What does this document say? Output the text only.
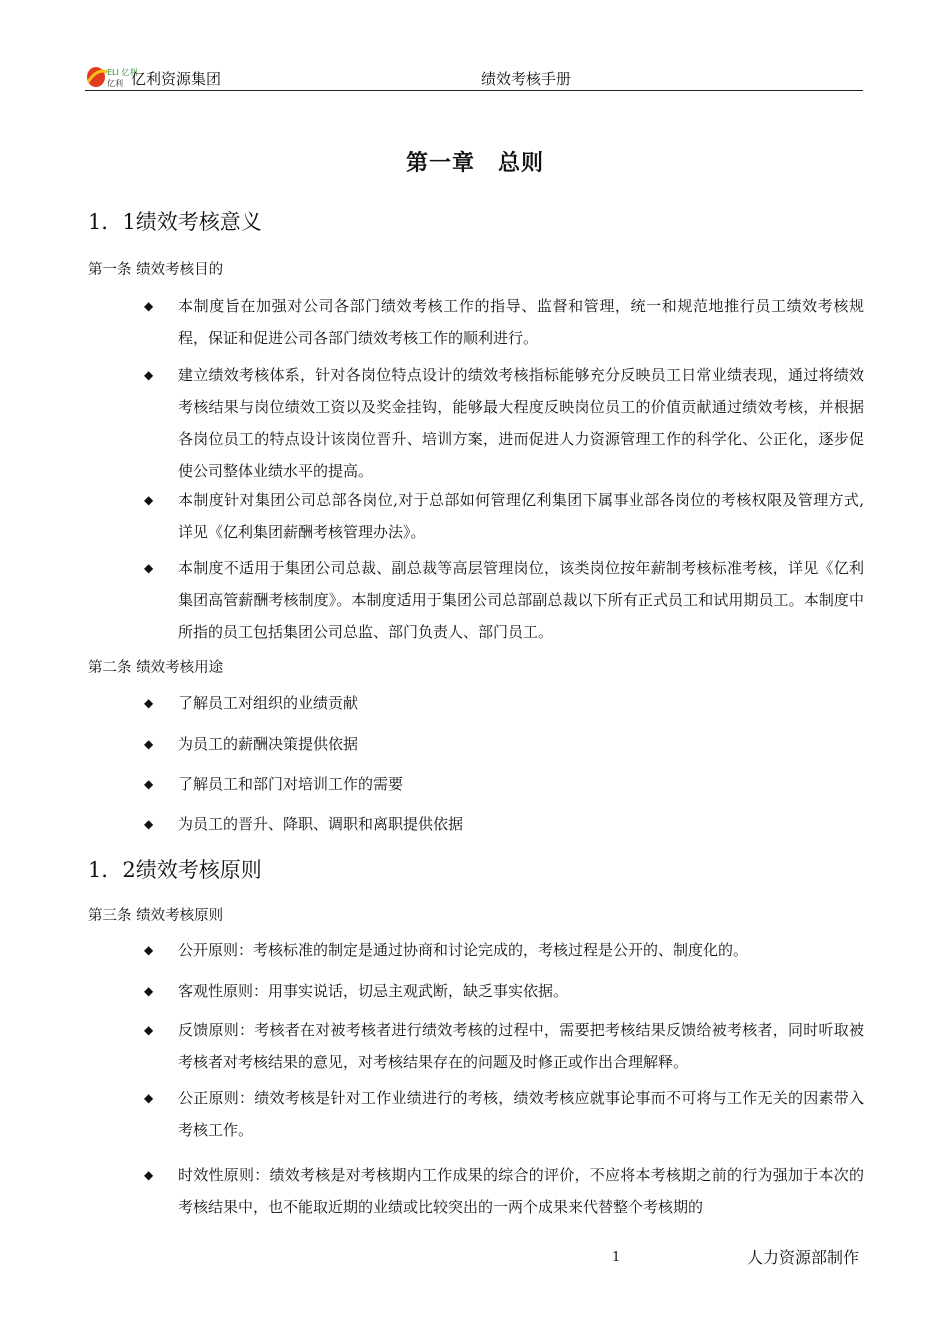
ELI 亿利
亿利 亿利资源集团	绩效考核手册
第一章　总则
1．1绩效考核意义
第一条 绩效考核目的
◆ 本制度旨在加强对公司各部门绩效考核工作的指导、监督和管理，统一和规范地推行员工绩效考核规程，保证和促进公司各部门绩效考核工作的顺利进行。
◆ 建立绩效考核体系，针对各岗位特点设计的绩效考核指标能够充分反映员工日常业绩表现，通过将绩效考核结果与岗位绩效工资以及奖金挂钩，能够最大程度反映岗位员工的价值贡献通过绩效考核，并根据各岗位员工的特点设计该岗位晋升、培训方案，进而促进人力资源管理工作的科学化、公正化，逐步促使公司整体业绩水平的提高。
◆ 本制度针对集团公司总部各岗位,对于总部如何管理亿利集团下属事业部各岗位的考核权限及管理方式, 详见《亿利集团薪酬考核管理办法》。
◆ 本制度不适用于集团公司总裁、副总裁等高层管理岗位，该类岗位按年薪制考核标准考核，详见《亿利集团高管薪酬考核制度》。本制度适用于集团公司总部副总裁以下所有正式员工和试用期员工。本制度中所指的员工包括集团公司总监、部门负责人、部门员工。
第二条 绩效考核用途
◆ 了解员工对组织的业绩贡献
◆ 为员工的薪酬决策提供依据
◆ 了解员工和部门对培训工作的需要
◆ 为员工的晋升、降职、调职和离职提供依据
1．2绩效考核原则
第三条 绩效考核原则
◆ 公开原则：考核标准的制定是通过协商和讨论完成的，考核过程是公开的、制度化的。
◆ 客观性原则：用事实说话，切忌主观武断，缺乏事实依据。
◆ 反馈原则：考核者在对被考核者进行绩效考核的过程中，需要把考核结果反馈给被考核者，同时听取被考核者对考核结果的意见，对考核结果存在的问题及时修正或作出合理解释。
◆ 公正原则：绩效考核是针对工作业绩进行的考核，绩效考核应就事论事而不可将与工作无关的因素带入考核工作。
◆ 时效性原则：绩效考核是对考核期内工作成果的综合的评价，不应将本考核期之前的行为强加于本次的考核结果中，也不能取近期的业绩或比较突出的一两个成果来代替整个考核期的
1	人力资源部制作
